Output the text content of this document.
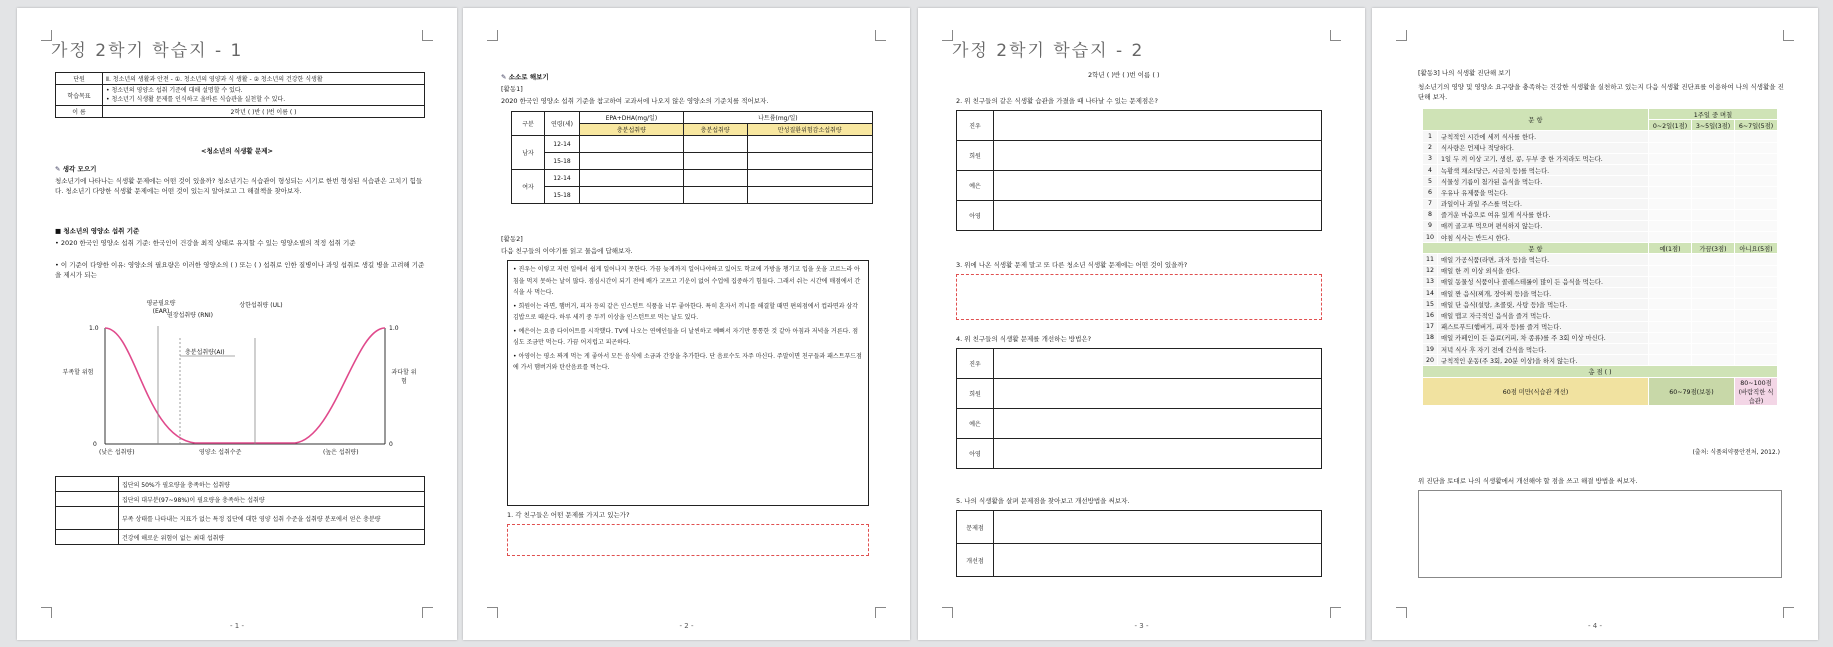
가정 2학기 학습지 - 1
단원	Ⅱ. 청소년의 생활과 안전 - ①. 청소년의 영양과 식 생활 - ② 청소년의 건강한 식생활
학습목표	• 청소년의 영양소 섭취 기준에 대해 설명할 수 있다.
• 청소년기 식생활 문제를 인식하고 올바른 식습관을 실천할 수 있다.

이 름	2학년 ( )반 ( )번 이름 ( )
<청소년의 식생활 문제>
✎ 생각 모으기
청소년기에 나타나는 식생활 문제에는 어떤 것이 있을까? 청소년기는 식습관이 형성되는 시기로 한번 형성된 식습관은 고치기 힘들다. 청소년기 다양한 식생활 문제에는 어떤 것이 있는지 알아보고 그 해결책을 찾아보자.
■ 청소년의 영양소 섭취 기준
• 2020 한국인 영양소 섭취 기준: 한국인이 건강을 최적 상태로 유지할 수 있는 영양소별의 적정 섭취 기준
• 이 기준이 다양한 이유: 영양소의 필요량은 이러한 영양소의 ( ) 또는 ( ) 섭취로 인한 질병이나 과잉 섭취로 생길 병을 고려해 기준을 제시가 되는
1.0
0
1.0
0
부족할 위험	과다할 위험
평균필요량 (EAR)
권장섭취량 (RNI)
충분섭취량(AI)
상한섭취량 (UL)
(낮은 섭취량)	영양소 섭취수준	(높은 섭취량)
	집단의 50%가 필요량을 충족하는 섭취량
	집단의 대부분(97~98%)이 필요량을 충족하는 섭취량
	부족 상태를 나타내는 지표가 없는 특정 집단에 대한 영양 섭취 수준을 섭취량 분포에서 얻은 충분량
	건강에 해로운 위험이 없는 최대 섭취량
- 1 -
✎ 소소로 해보기
[활동1]
2020 한국인 영양소 섭취 기준을 참고하여 교과서에 나오지 않은 영양소의 기준치를 적어보자.
구분	연령(세)	EPA+DHA(mg/일)	나트륨(mg/일)	
		충분섭취량	충분섭취량	만성질환위험감소섭취량
남자	12-14			
	15-18			
여자	12-14			
	15-18			
[활동2]
다음 친구들의 이야기를 읽고 물음에 답해보자.

• 진우는 이렇고 저런 일에서 쉽게 일어나지 못한다. 가끔 늦게까지 일어나야하고 있어도 학교에 가방을 챙기고 입을 옷을 고르느라 아침을 먹지 못하는 날이 많다. 점심시간이 되기 전에 배가 고프고 기운이 없어 수업에 집중하기 힘들다. 그래서 쉬는 시간에 매점에서 간식을 사 먹는다.

• 희원이는 라면, 햄버거, 피자 등의 같은 인스턴트 식품을 너무 좋아한다. 특히 혼자서 끼니를 해결할 때면 편의점에서 컵라면과 삼각김밥으로 때운다. 하루 세끼 중 두끼 이상을 인스턴트로 먹는 날도 있다.

• 예은이는 요즘 다이어트를 시작했다. TV에 나오는 연예인들을 더 날씬하고 예뻐서 자기만 통통한 것 같아 아침과 저녁을 거른다. 점심도 조금만 먹는다. 가끔 어지럽고 피곤하다.

• 아영이는 평소 짜게 먹는 게 좋아서 모든 음식에 소금과 간장을 추가한다. 단 음료수도 자주 마신다. 주말이면 친구들과 패스트푸드점에 가서 햄버거와 탄산음료를 먹는다.

1. 각 친구들은 어떤 문제를 가지고 있는가?
- 2 -
가정 2학기 학습지 - 2
2학년 ( )반 ( )번 이름 ( )
2. 위 친구들의 같은 식생활 습관을 가졌을 때 나타날 수 있는 문제점은?
진우	
희원	
예은	
아영	
3. 위에 나온 식생활 문제 말고 또 다른 청소년 식생활 문제에는 어떤 것이 있을까?
4. 위 친구들의 식생활 문제를 개선하는 방법은?
진우	
희원	
예은	
아영	
5. 나의 식생활을 살펴 문제점을 찾아보고 개선방법을 써보자.
문제점	
개선점	
- 3 -
[활동3] 나의 식생활 진단해 보기
청소년기의 영양 및 영양소 요구량을 충족하는 건강한 식생활을 실천하고 있는지 다음 식생활 진단표를 이용하여 나의 식생활을 진단해 보자.
문 항		1주일 중 며칠		
		0~2일(1점)	3~5일(3점)	6~7일(5점)
1	규칙적인 시간에 세끼 식사를 한다.			
2	식사량은 언제나 적당하다.			
3	1일 두 끼 이상 고기, 생선, 콩, 두부 중 한 가지라도 먹는다.			
4	녹황색 채소(당근, 시금치 등)를 먹는다.			
5	식물성 기름이 첨가된 음식을 먹는다.			
6	우유나 유제품을 먹는다.			
7	과일이나 과일 주스를 먹는다.			
8	즐거운 마음으로 여유 있게 식사를 한다.			
9	매끼 골고루 먹으며 편식하지 않는다.			
10	야침 식사는 반드시 한다.			
문 항		예(1점)	가끔(3점)	아니요(5점)
11	매일 가공식품(라면, 과자 등)을 먹는다.			
12	매일 한 끼 이상 외식을 한다.			
13	매일 동물성 식품이나 콜레스테롤이 많이 든 음식을 먹는다.			
14	매일 짠 음식(찌개, 장아찌 등)을 먹는다.			
15	매일 단 음식(설탕, 초콜릿, 사탕 등)을 먹는다.			
16	매일 맵고 자극적인 음식을 즐겨 먹는다.			
17	패스트푸드(햄버거, 피자 등)를 즐겨 먹는다.			
18	매일 카페인이 든 음료(커피, 차 종류)를 주 3회 이상 마신다.			
19	저녁 식사 후 자기 전에 간식을 먹는다.			
20	규칙적인 운동(주 3회, 20분 이상)을 하지 않는다.			
총 점 ( )				
60점 미만(식습관 개선)		60~79점(보통)		80~100점(바람직한 식습관)
(출처: 식품의약품안전처, 2012.)
위 진단을 토대로 나의 식생활에서 개선해야 할 점을 쓰고 해결 방법을 써보자.
- 4 -
